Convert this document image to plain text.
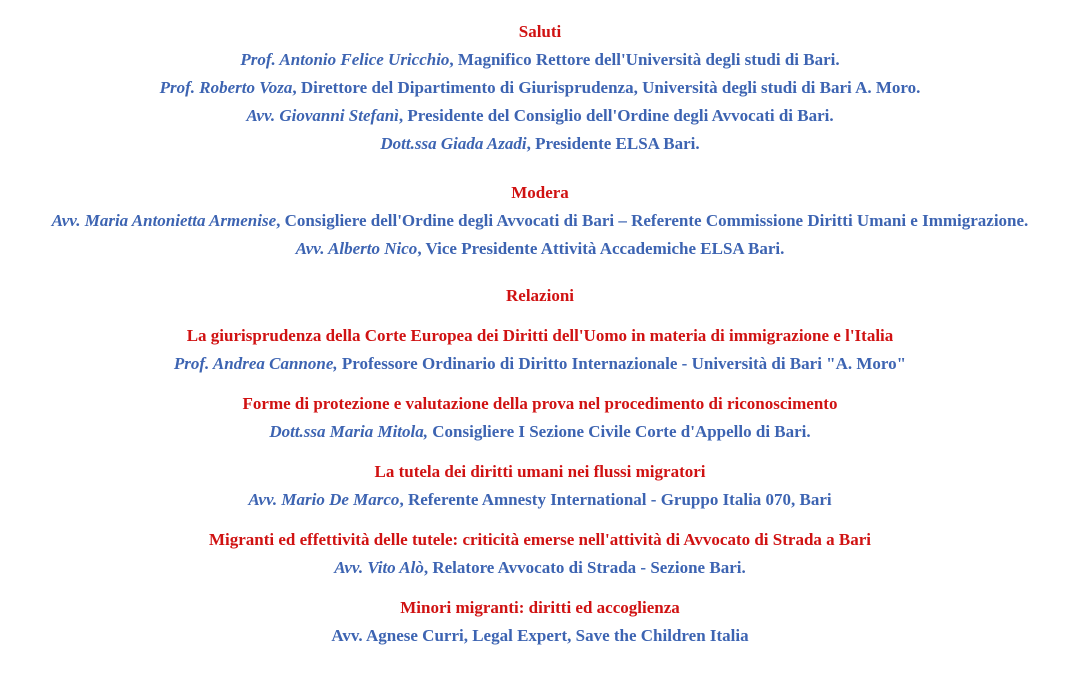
Saluti

Prof. Antonio Felice Uricchio, Magnifico Rettore dell'Università degli studi di Bari.

Prof. Roberto Voza, Direttore del Dipartimento di Giurisprudenza, Università degli studi di Bari A. Moro.

Avv. Giovanni Stefanì, Presidente del Consiglio dell'Ordine degli Avvocati di Bari.

Dott.ssa Giada Azadi, Presidente ELSA Bari.

Modera

Avv. Maria Antonietta Armenise, Consigliere dell'Ordine degli Avvocati di Bari – Referente Commissione Diritti Umani e Immigrazione.

Avv. Alberto Nico, Vice Presidente Attività Accademiche ELSA Bari.

Relazioni

La giurisprudenza della Corte Europea dei Diritti dell'Uomo in materia di immigrazione e l'Italia

Prof. Andrea Cannone, Professore Ordinario di Diritto Internazionale - Università di Bari "A. Moro"

Forme di protezione e valutazione della prova nel procedimento di riconoscimento

Dott.ssa Maria Mitola, Consigliere I Sezione Civile Corte d'Appello di Bari.

La tutela dei diritti umani nei flussi migratori

Avv. Mario De Marco, Referente Amnesty International - Gruppo Italia 070, Bari

Migranti ed effettività delle tutele: criticità emerse nell'attività di Avvocato di Strada a Bari

Avv. Vito Alò, Relatore Avvocato di Strada - Sezione Bari.

Minori migranti: diritti ed accoglienza

Avv. Agnese Curri, Legal Expert, Save the Children Italia
